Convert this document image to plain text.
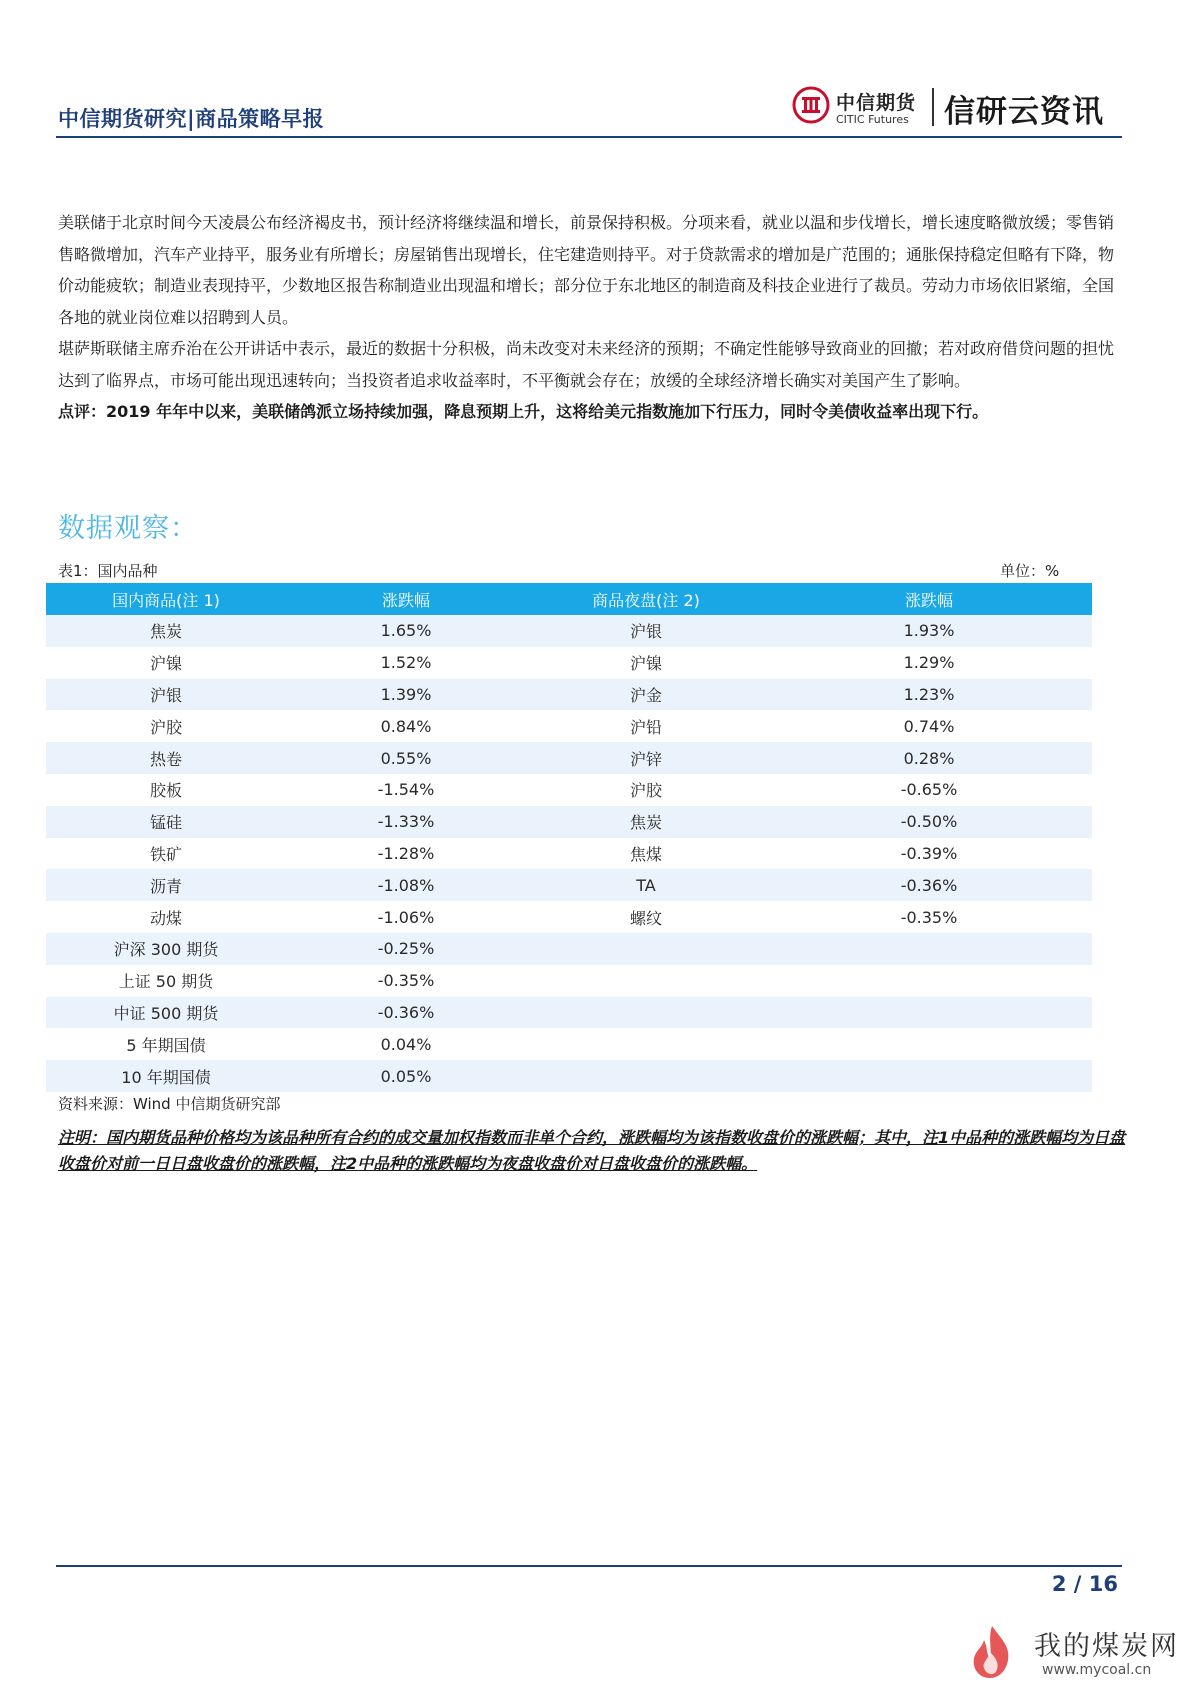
中信期货研究|商品策略早报
中信期货
CITIC Futures 信研云资讯

美联储于北京时间今天凌晨公布经济褐皮书，预计经济将继续温和增长，前景保持积极。分项来看，就业以温和步伐增长，增长速度略微放缓；零售销售略微增加，汽车产业持平，服务业有所增长；房屋销售出现增长，住宅建造则持平。对于贷款需求的增加是广范围的；通胀保持稳定但略有下降，物价动能疲软；制造业表现持平，少数地区报告称制造业出现温和增长；部分位于东北地区的制造商及科技企业进行了裁员。劳动力市场依旧紧缩，全国各地的就业岗位难以招聘到人员。

堪萨斯联储主席乔治在公开讲话中表示，最近的数据十分积极，尚未改变对未来经济的预期；不确定性能够导致商业的回撤；若对政府借贷问题的担忧达到了临界点，市场可能出现迅速转向；当投资者追求收益率时，不平衡就会存在；放缓的全球经济增长确实对美国产生了影响。

点评：2019 年年中以来，美联储鸽派立场持续加强，降息预期上升，这将给美元指数施加下行压力，同时令美债收益率出现下行。

数据观察：
表1：国内品种	单位：%
国内商品(注 1)	涨跌幅	商品夜盘(注 2)	涨跌幅
焦炭	1.65%	沪银	1.93%
沪镍	1.52%	沪镍	1.29%
沪银	1.39%	沪金	1.23%
沪胶	0.84%	沪铅	0.74%
热卷	0.55%	沪锌	0.28%
胶板	-1.54%	沪胶	-0.65%
锰硅	-1.33%	焦炭	-0.50%
铁矿	-1.28%	焦煤	-0.39%
沥青	-1.08%	TA	-0.36%
动煤	-1.06%	螺纹	-0.35%
沪深 300 期货	-0.25%		
上证 50 期货	-0.35%		
中证 500 期货	-0.36%		
5 年期国债	0.04%		
10 年期国债	0.05%		
资料来源：Wind 中信期货研究部
注明：国内期货品种价格均为该品种所有合约的成交量加权指数而非单个合约，涨跌幅均为该指数收盘价的涨跌幅；其中，注1中品种的涨跌幅均为日盘收盘价对前一日日盘收盘价的涨跌幅，注2中品种的涨跌幅均为夜盘收盘价对日盘收盘价的涨跌幅。
2 / 16
我的煤炭网
www.mycoal.cn
